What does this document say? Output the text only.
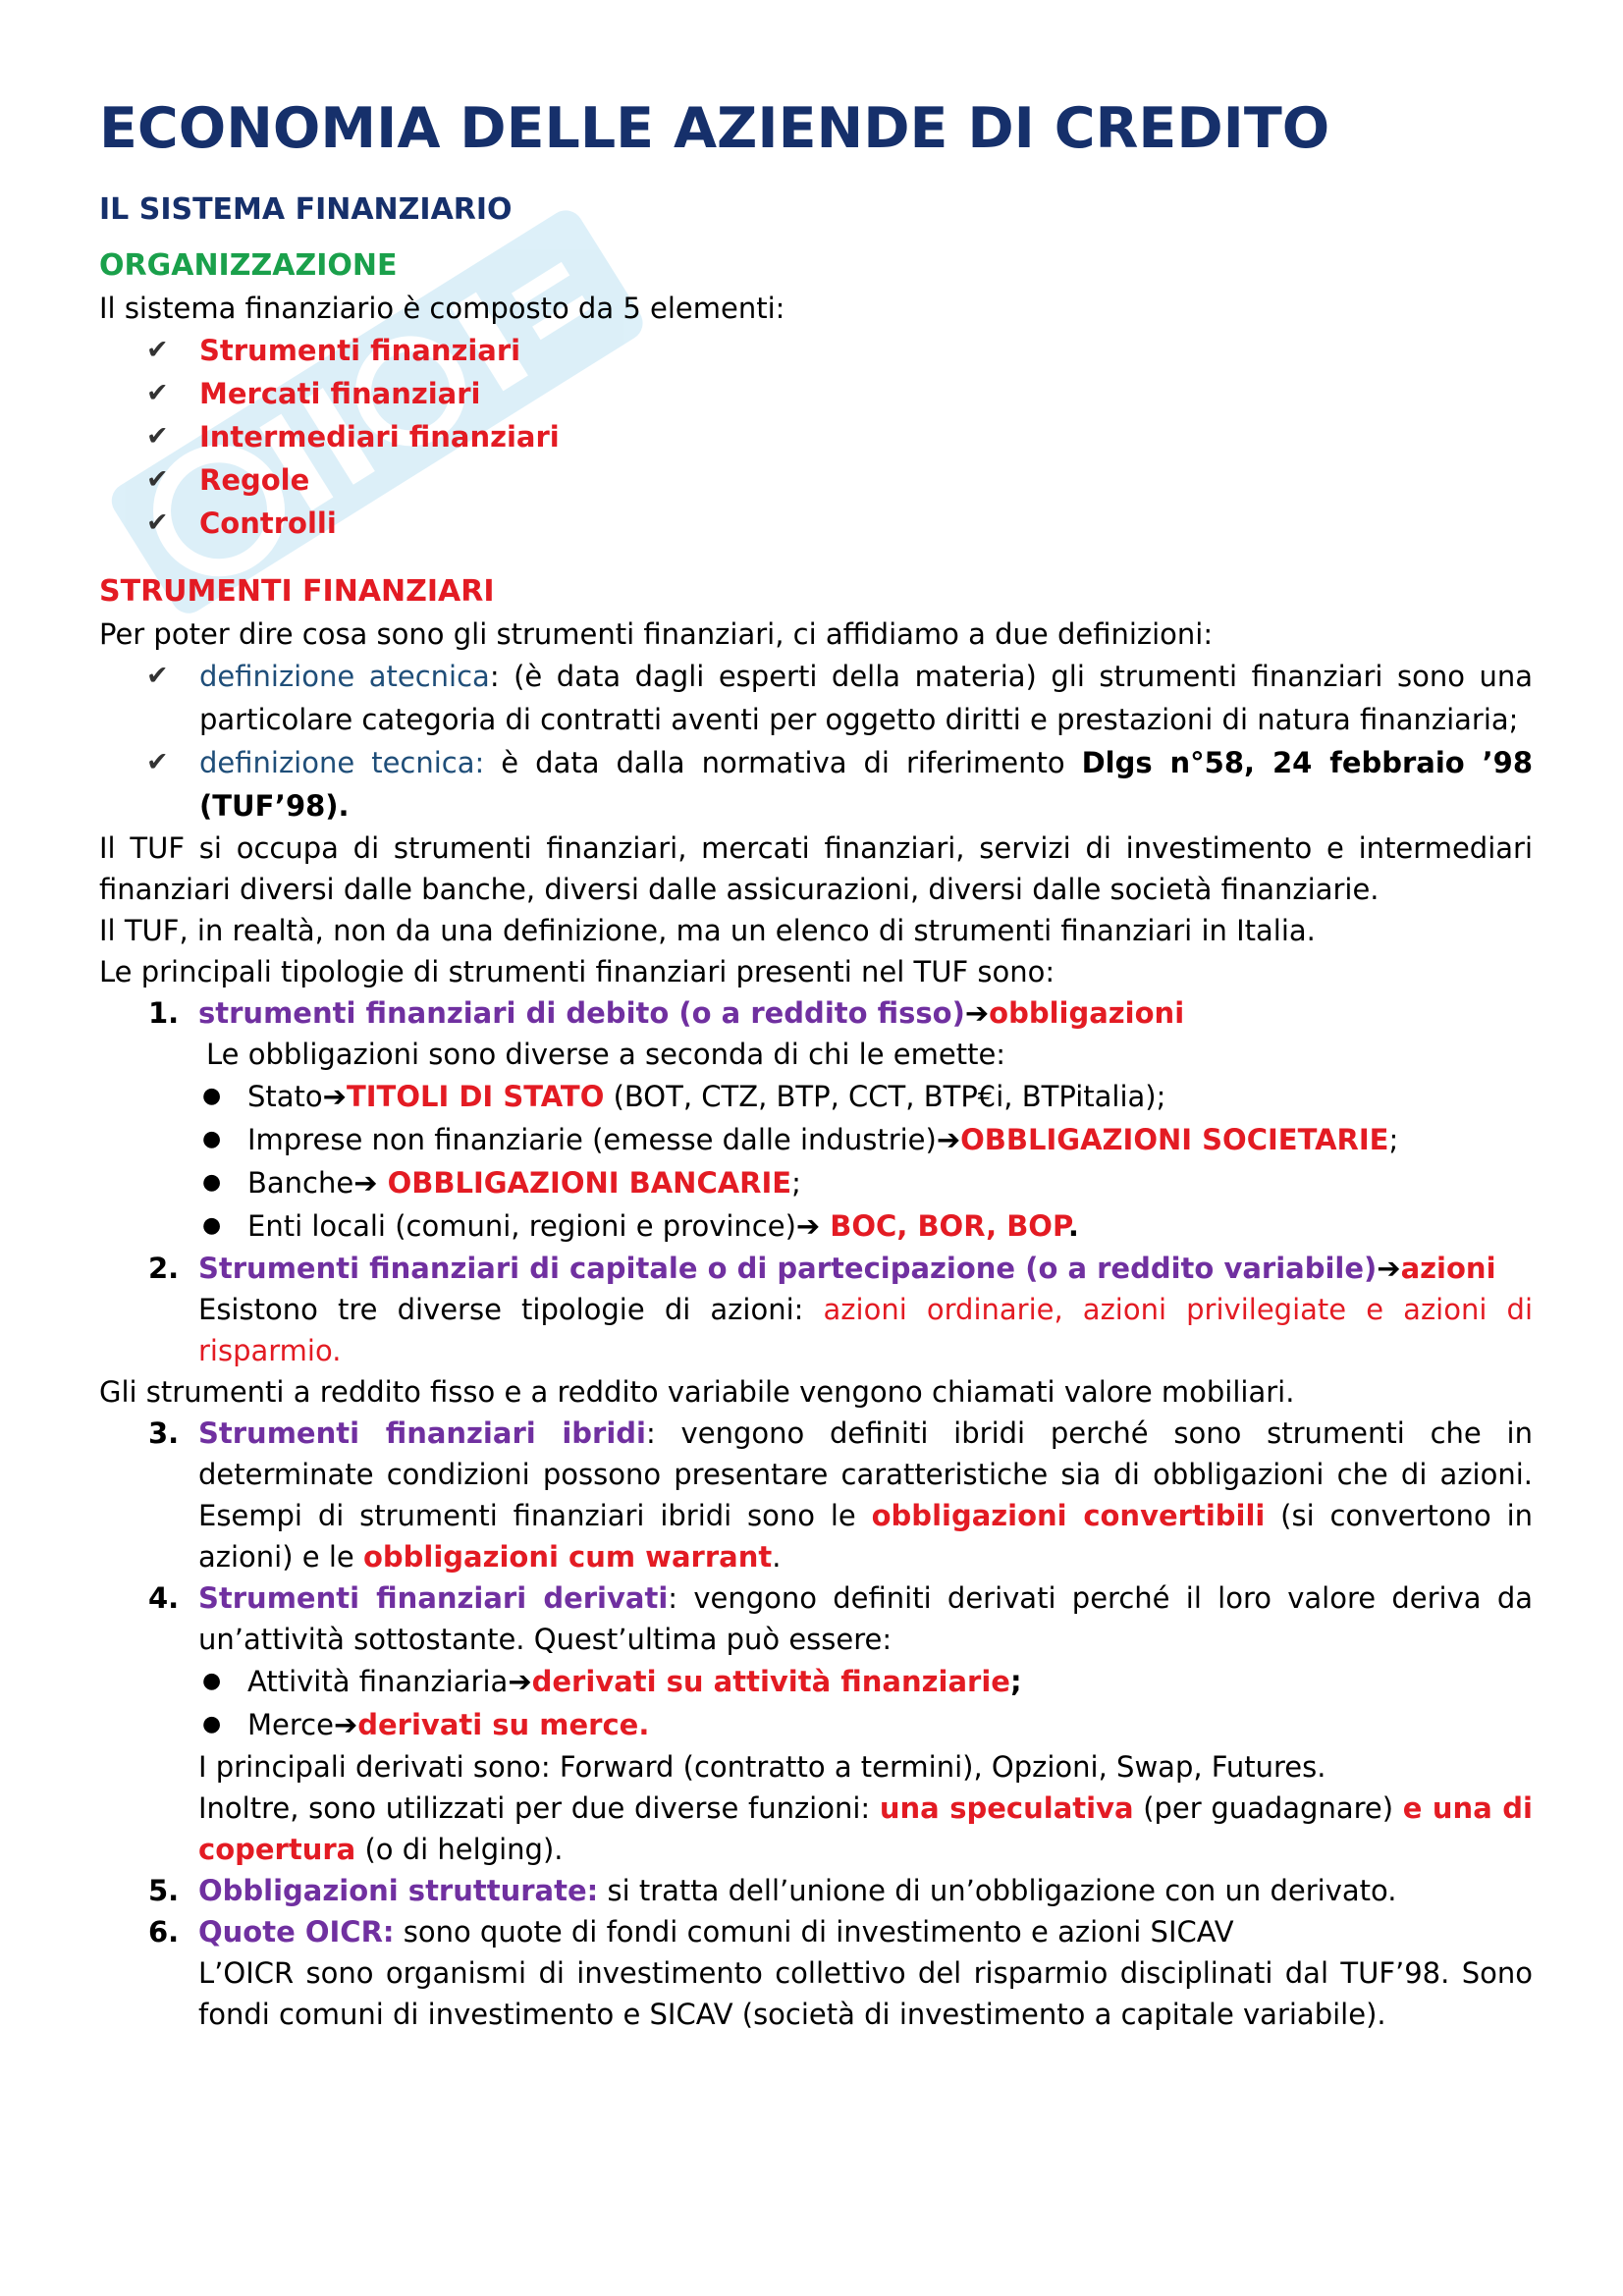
ECONOMIA DELLE AZIENDE DI CREDITO
IL SISTEMA FINANZIARIO
ORGANIZZAZIONE

Il sistema finanziario è composto da 5 elementi:

✔ Strumenti finanziari
✔ Mercati finanziari
✔ Intermediari finanziari
✔ Regole
✔ Controlli
STRUMENTI FINANZIARI

Per poter dire cosa sono gli strumenti finanziari, ci affidiamo a due definizioni:

✔ definizione atecnica: (è data dagli esperti della materia) gli strumenti finanziari sono una particolare categoria di contratti aventi per oggetto diritti e prestazioni di natura finanziaria;
✔ definizione tecnica: è data dalla normativa di riferimento Dlgs n°58, 24 febbraio ’98 (TUF’98).

Il TUF si occupa di strumenti finanziari, mercati finanziari, servizi di investimento e intermediari finanziari diversi dalle banche, diversi dalle assicurazioni, diversi dalle società finanziarie.

Il TUF, in realtà, non da una definizione, ma un elenco di strumenti finanziari in Italia.

Le principali tipologie di strumenti finanziari presenti nel TUF sono:

1. strumenti finanziari di debito (o a reddito fisso)➔obbligazioni

Le obbligazioni sono diverse a seconda di chi le emette:

● Stato➔TITOLI DI STATO (BOT, CTZ, BTP, CCT, BTP€i, BTPitalia);
● Imprese non finanziarie (emesse dalle industrie)➔OBBLIGAZIONI SOCIETARIE;
● Banche➔ OBBLIGAZIONI BANCARIE;
● Enti locali (comuni, regioni e province)➔ BOC, BOR, BOP.
2. Strumenti finanziari di capitale o di partecipazione (o a reddito variabile)➔azioni

Esistono tre diverse tipologie di azioni: azioni ordinarie, azioni privilegiate e azioni di risparmio.

Gli strumenti a reddito fisso e a reddito variabile vengono chiamati valore mobiliari.

3. Strumenti finanziari ibridi: vengono definiti ibridi perché sono strumenti che in determinate condizioni possono presentare caratteristiche sia di obbligazioni che di azioni. Esempi di strumenti finanziari ibridi sono le obbligazioni convertibili (si convertono in azioni) e le obbligazioni cum warrant.
4. Strumenti finanziari derivati: vengono definiti derivati perché il loro valore deriva da un’attività sottostante. Quest’ultima può essere:
● Attività finanziaria➔derivati su attività finanziarie;
● Merce➔derivati su merce.

I principali derivati sono: Forward (contratto a termini), Opzioni, Swap, Futures.

Inoltre, sono utilizzati per due diverse funzioni: una speculativa (per guadagnare) e una di copertura (o di helging).

5. Obbligazioni strutturate: si tratta dell’unione di un’obbligazione con un derivato.
6. Quote OICR: sono quote di fondi comuni di investimento e azioni SICAV

L’OICR sono organismi di investimento collettivo del risparmio disciplinati dal TUF’98. Sono fondi comuni di investimento e SICAV (società di investimento a capitale variabile).
